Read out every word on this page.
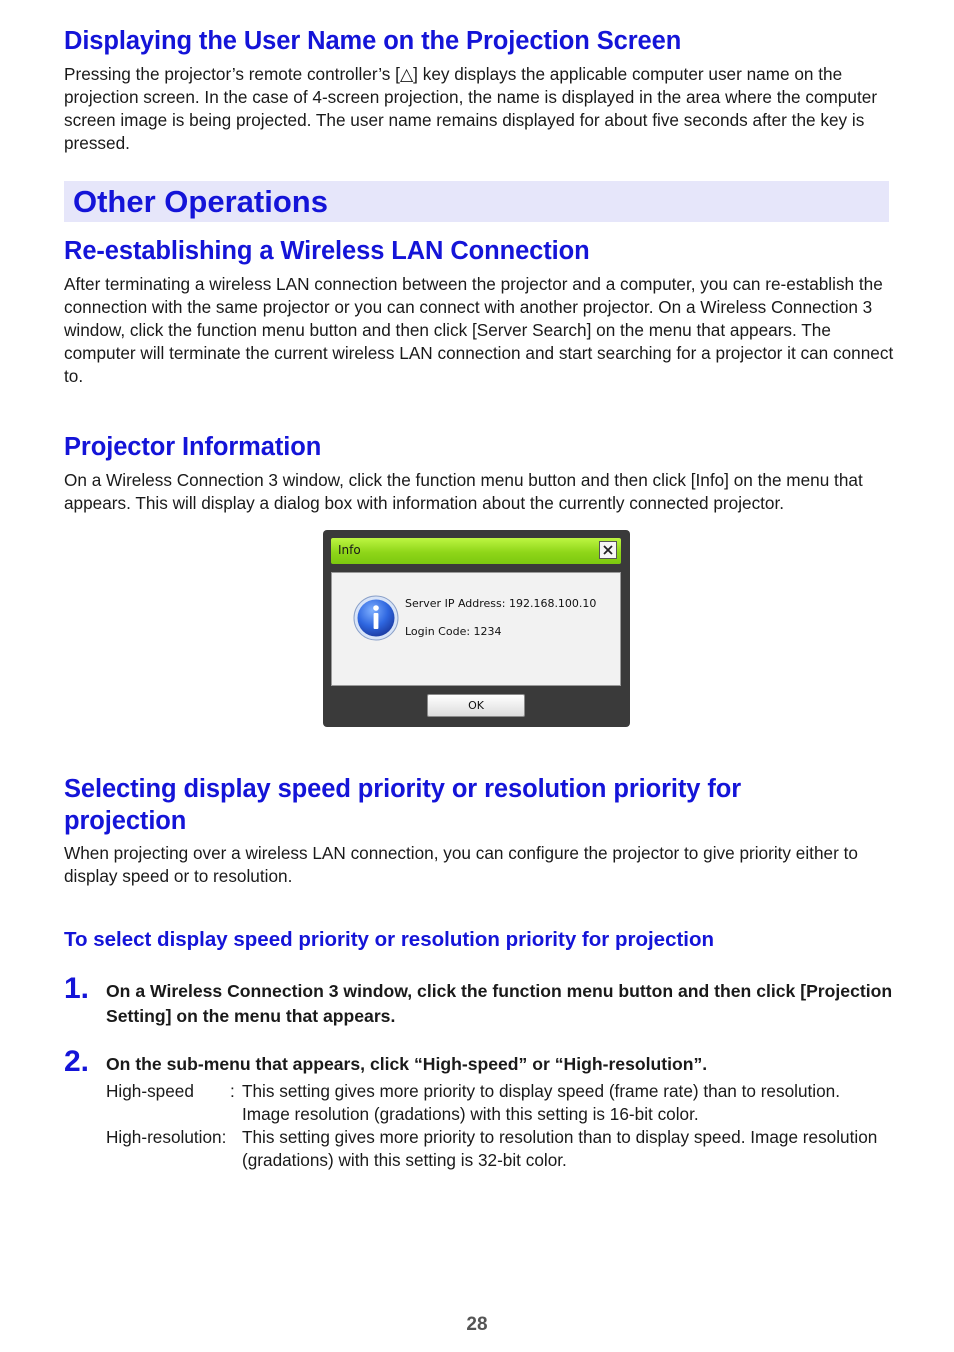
Displaying the User Name on the Projection Screen

Pressing the projector’s remote controller’s [△] key displays the applicable computer user name on the projection screen. In the case of 4-screen projection, the name is displayed in the area where the computer screen image is being projected. The user name remains displayed for about five seconds after the key is pressed.

Other Operations
Re-establishing a Wireless LAN Connection

After terminating a wireless LAN connection between the projector and a computer, you can re-establish the connection with the same projector or you can connect with another projector. On a Wireless Connection 3 window, click the function menu button and then click [Server Search] on the menu that appears. The computer will terminate the current wireless LAN connection and start searching for a projector it can connect to.

Projector Information

On a Wireless Connection 3 window, click the function menu button and then click [Info] on the menu that appears. This will display a dialog box with information about the currently connected projector.

Info
Server IP Address: 192.168.100.10
Login Code: 1234
OK
Selecting display speed priority or resolution priority for
projection

When projecting over a wireless LAN connection, you can configure the projector to give priority either to display speed or to resolution.

To select display speed priority or resolution priority for projection
1. On a Wireless Connection 3 window, click the function menu button and then click [Projection Setting] on the menu that appears.

2. On the sub-menu that appears, click “High-speed” or “High-resolution”.

High-speed : This setting gives more priority to display speed (frame rate) than to resolution. Image resolution (gradations) with this setting is 16-bit color.

High-resolution: This setting gives more priority to resolution than to display speed. Image resolution (gradations) with this setting is 32-bit color.

28
